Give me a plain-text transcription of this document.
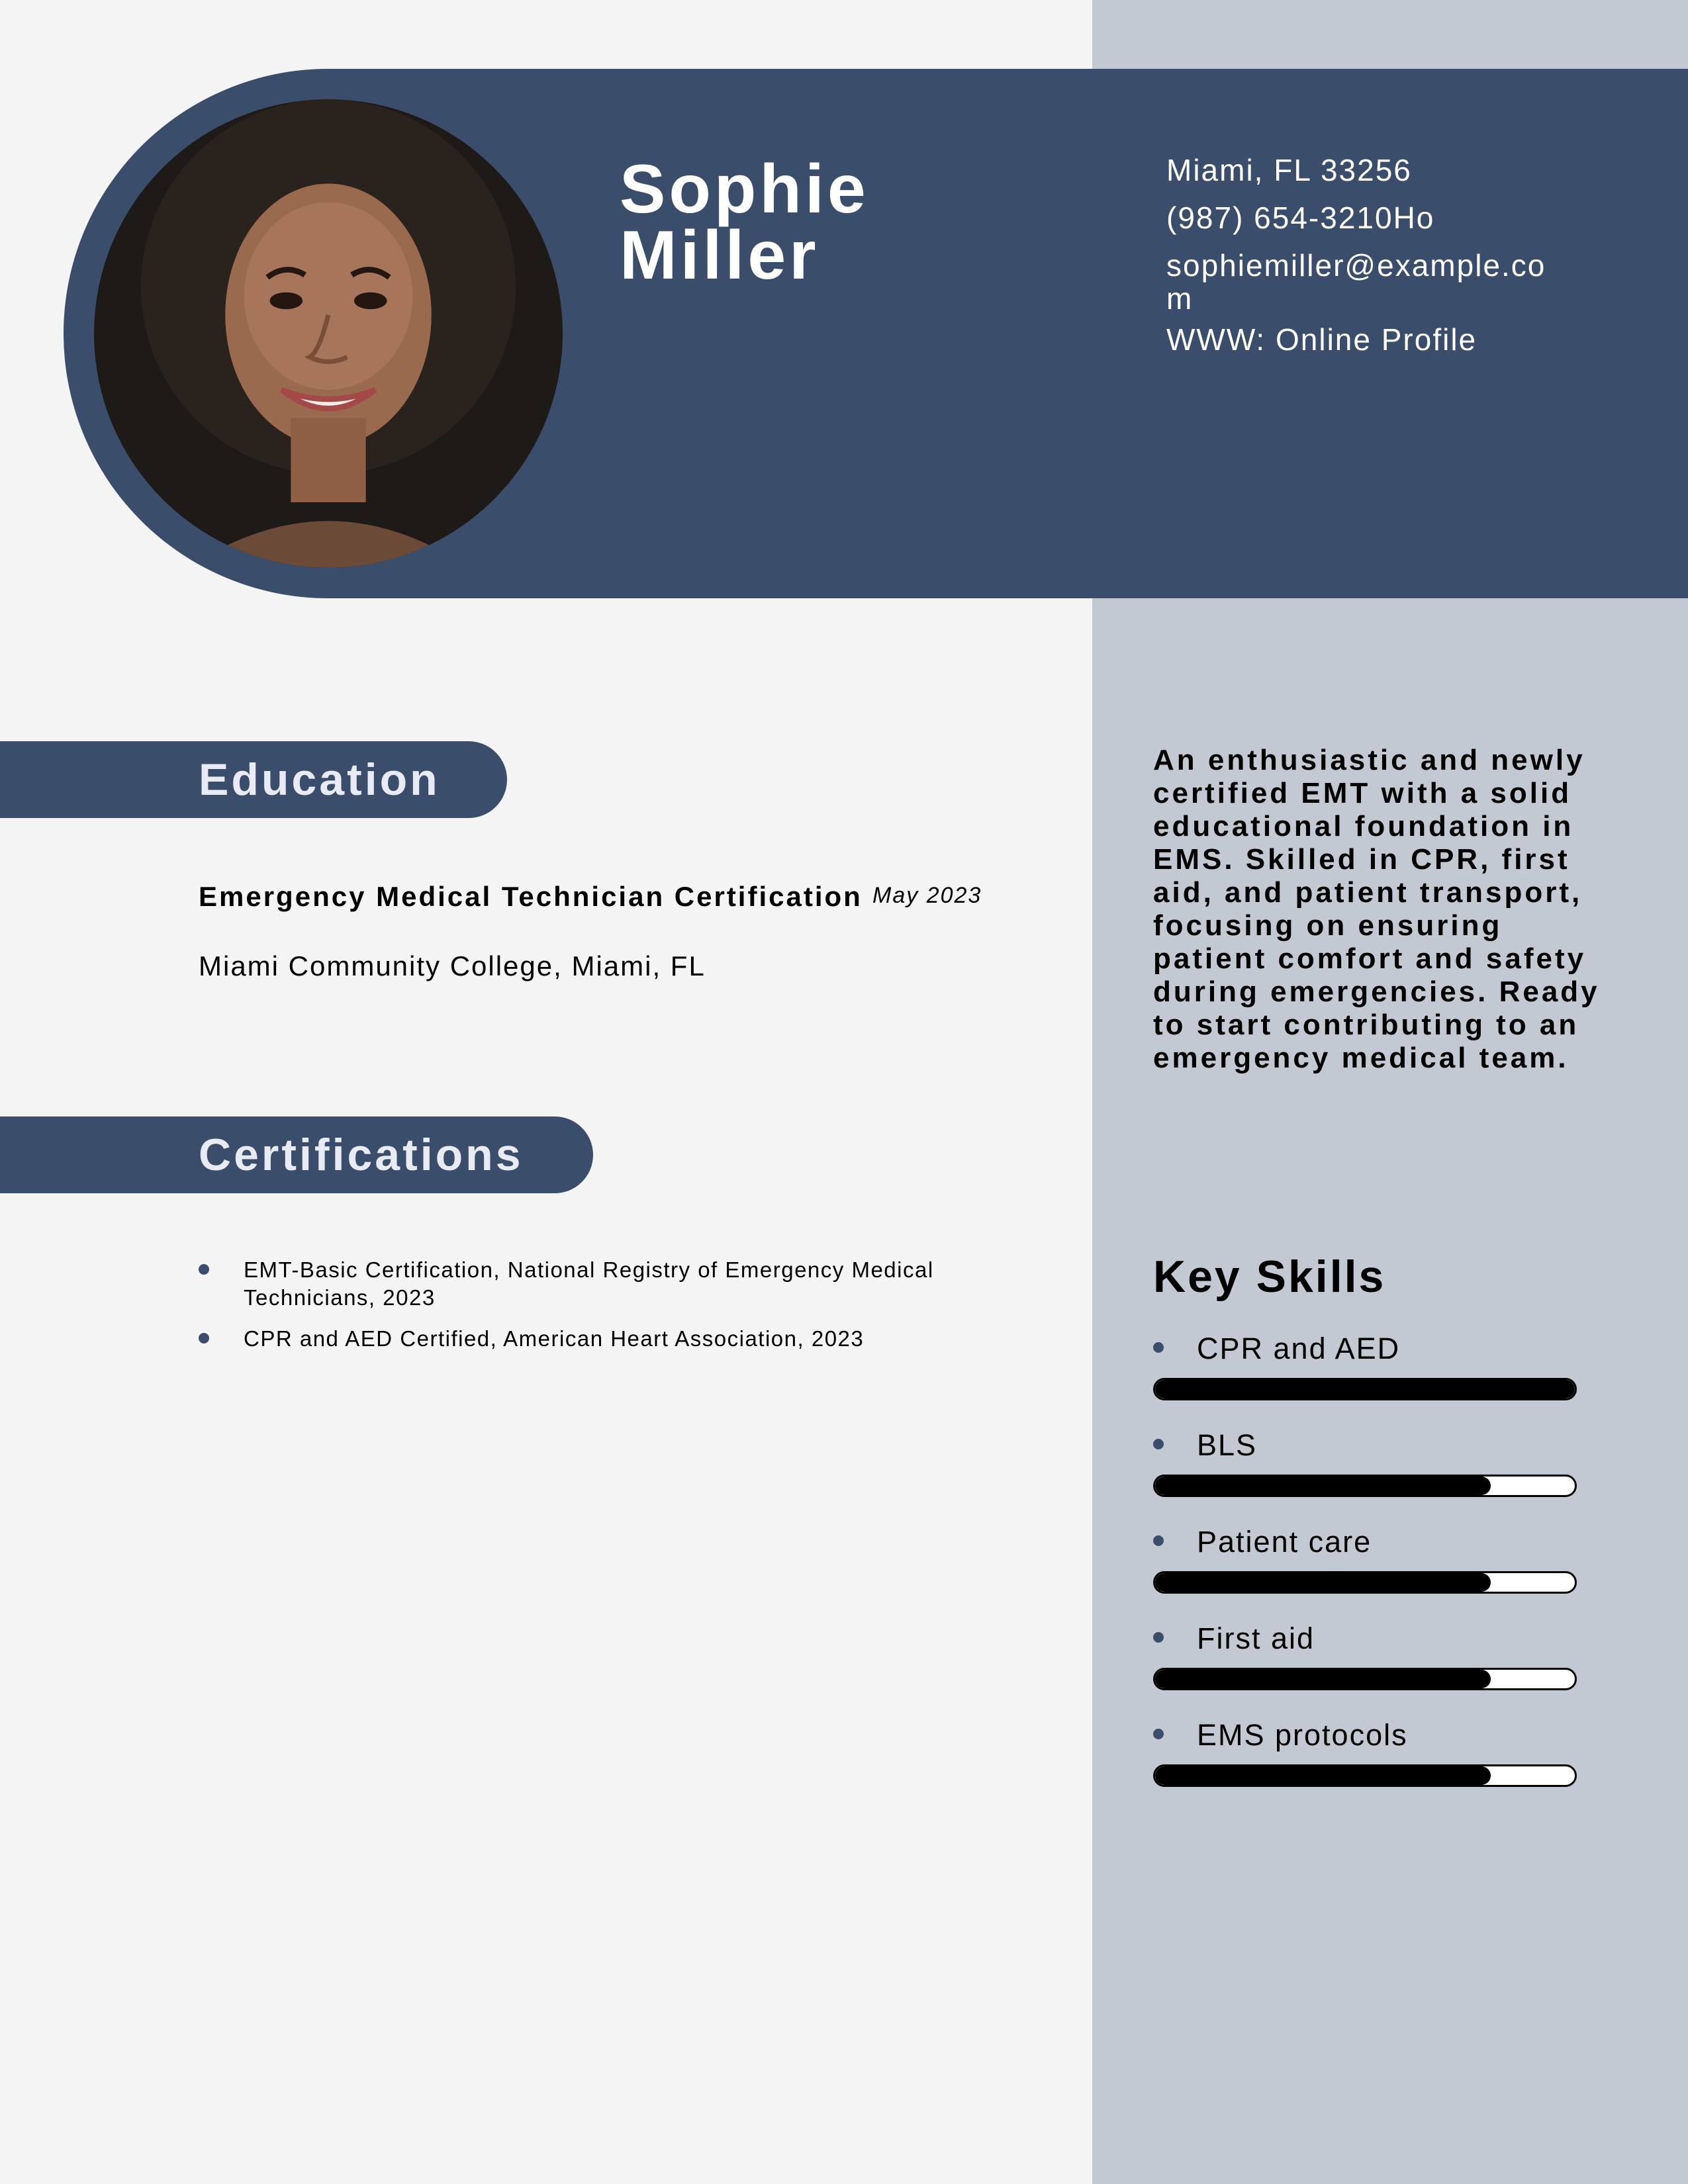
Sophie
Miller
Miami, FL 33256
(987) 654-3210Ho
sophiemiller@example.com
WWW: Online Profile
Education
Emergency Medical Technician Certification May 2023
Miami Community College, Miami, FL
Certifications
EMT-Basic Certification, National Registry of Emergency Medical Technicians, 2023
CPR and AED Certified, American Heart Association, 2023

An enthusiastic and newly certified EMT with a solid educational foundation in EMS. Skilled in CPR, first aid, and patient transport, focusing on ensuring patient comfort and safety during emergencies. Ready to start contributing to an emergency medical team.

Key Skills
CPR and AED
BLS
Patient care
First aid
EMS protocols
